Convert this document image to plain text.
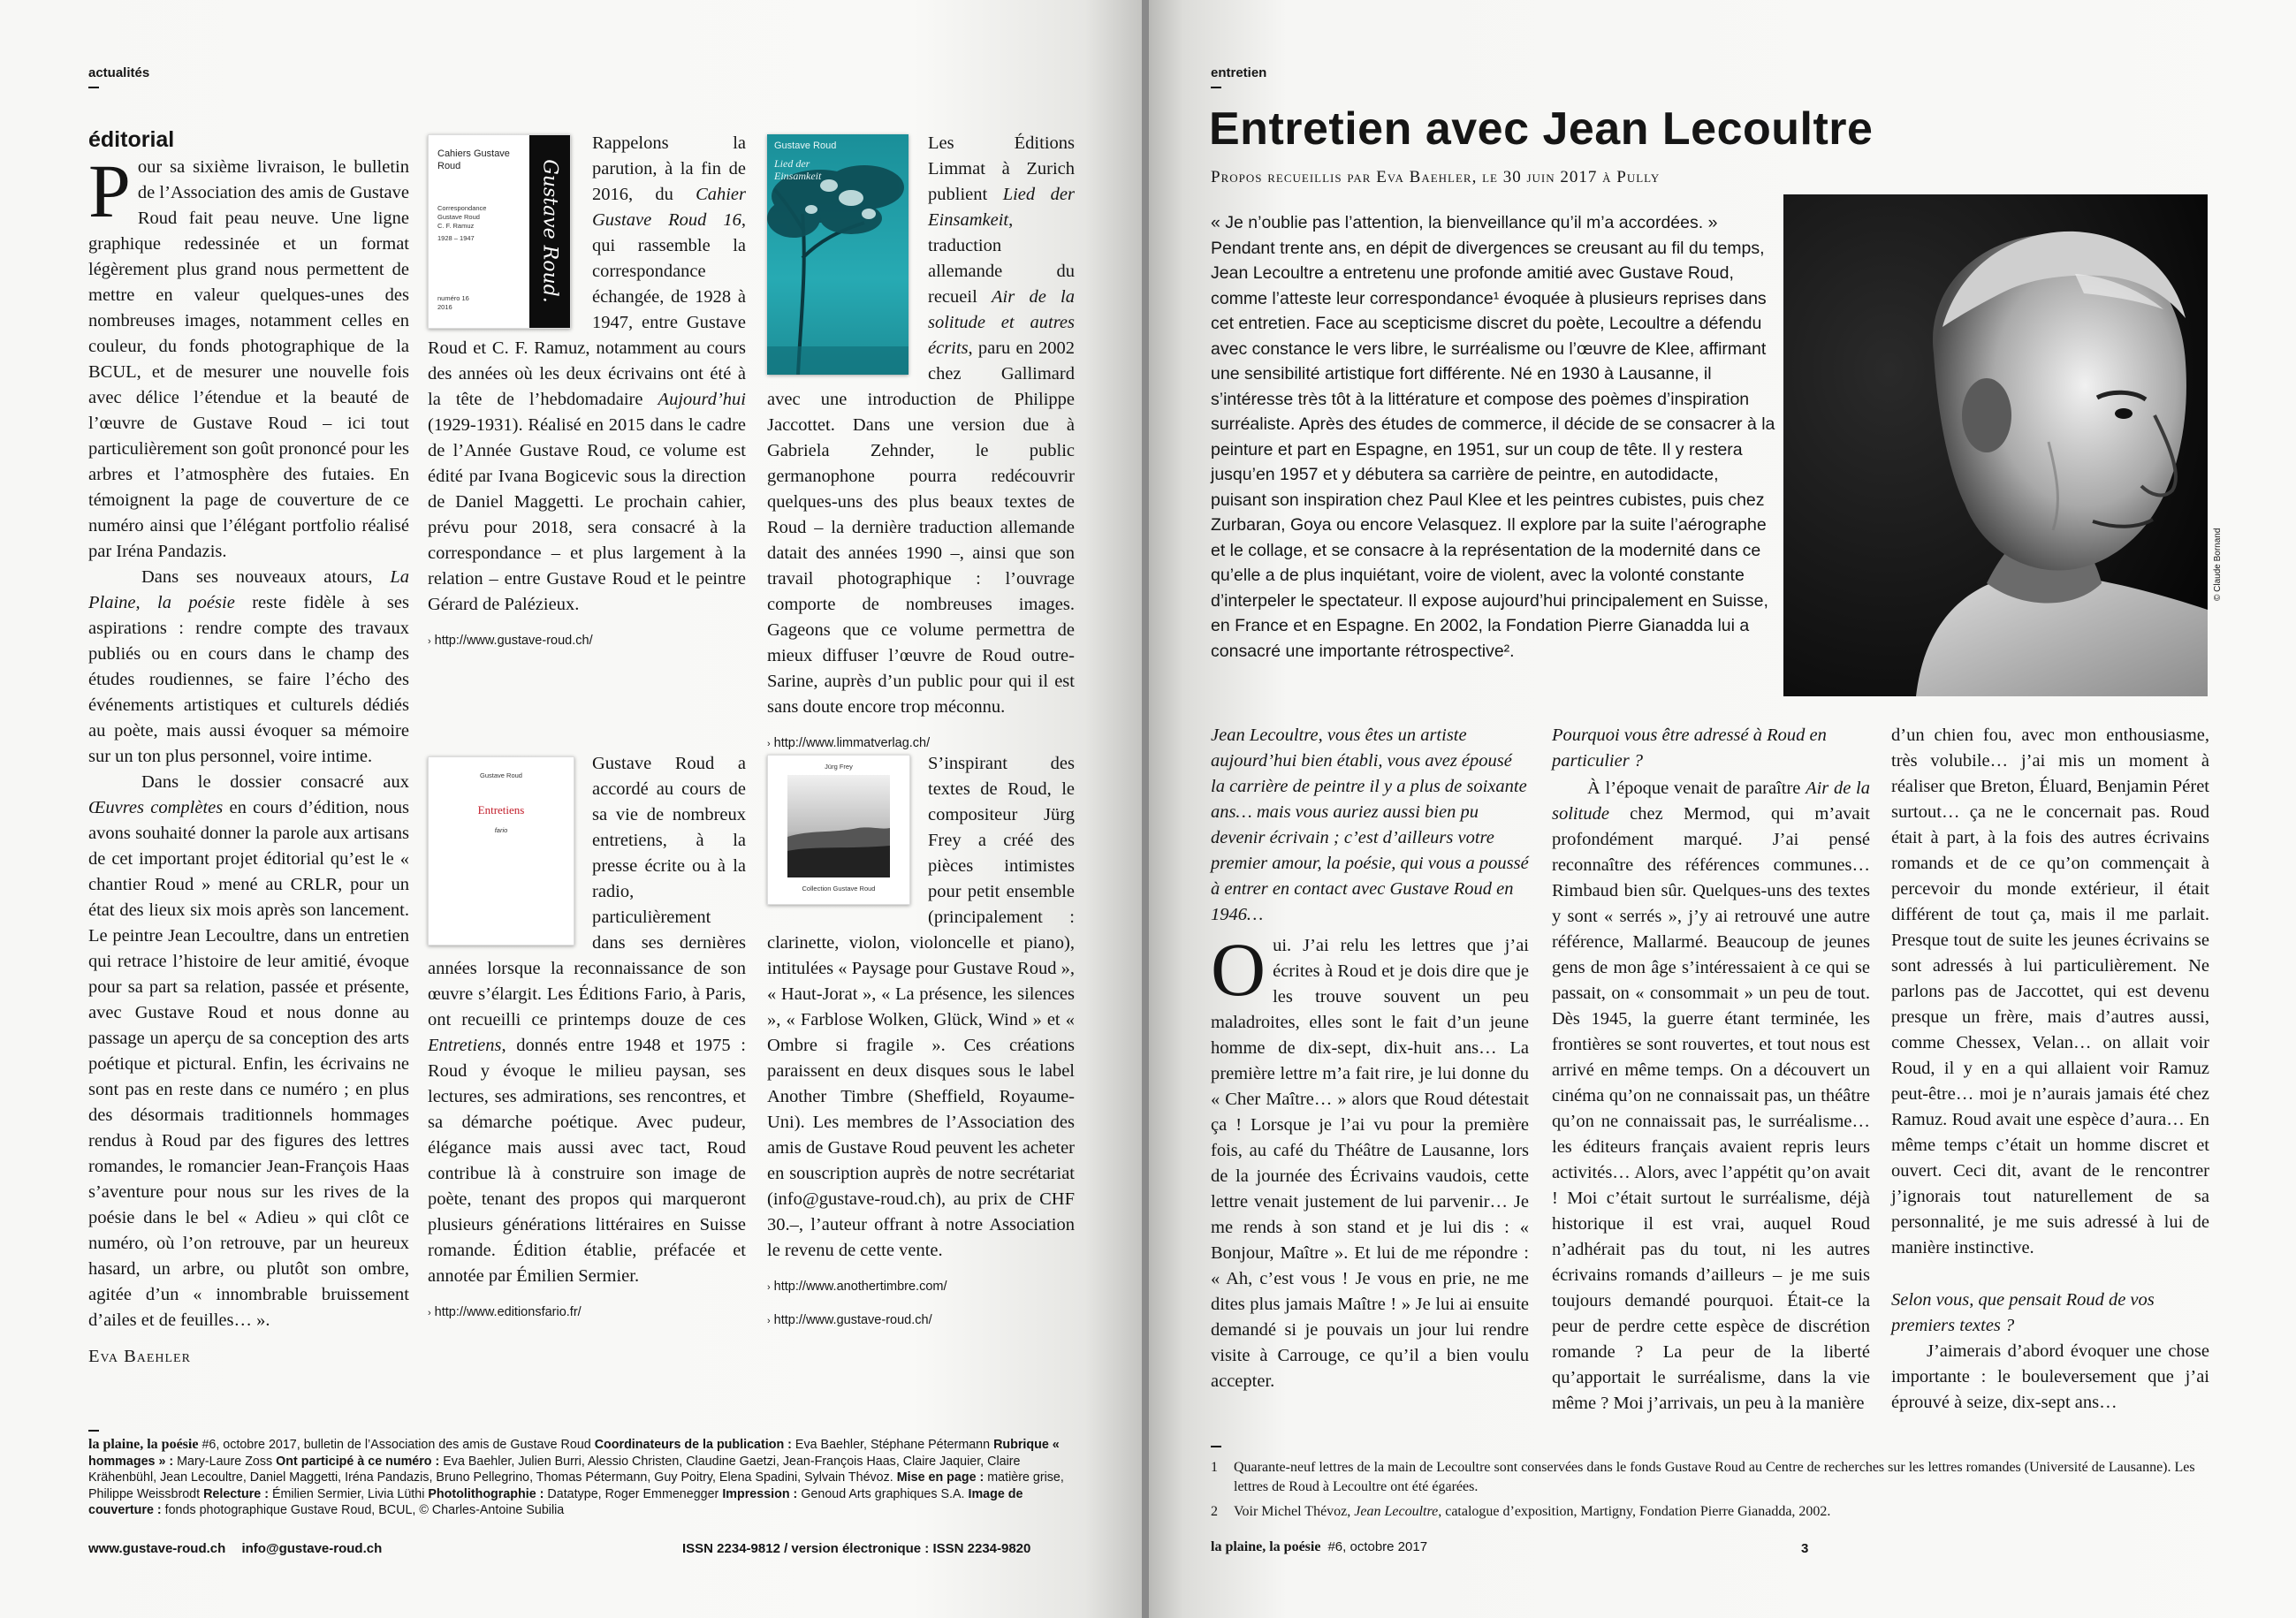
actualités
éditorial
Pour sa sixième livraison, le bulletin de l’Association des amis de Gustave Roud fait peau neuve. Une ligne graphique redessinée et un format légèrement plus grand nous permettent de mettre en valeur quelques-unes des nombreuses images, notamment celles en couleur, du fonds photographique de la BCUL, et de mesurer une nouvelle fois avec délice l’étendue et la beauté de l’œuvre de Gustave Roud – ici tout particulièrement son goût prononcé pour les arbres et l’atmosphère des futaies. En témoignent la page de couverture de ce numéro ainsi que l’élégant portfolio réalisé par Iréna Pandazis.
Dans ses nouveaux atours, La Plaine, la poésie reste fidèle à ses aspirations : rendre compte des travaux publiés ou en cours dans le champ des études roudiennes, se faire l’écho des événements artistiques et culturels dédiés au poète, mais aussi évoquer sa mémoire sur un ton plus personnel, voire intime.
Dans le dossier consacré aux Œuvres complètes en cours d’édition, nous avons souhaité donner la parole aux artisans de cet important projet éditorial qu’est le « chantier Roud » mené au CRLR, pour un état des lieux six mois après son lancement. Le peintre Jean Lecoultre, dans un entretien qui retrace l’histoire de leur amitié, évoque pour sa part sa relation, passée et présente, avec Gustave Roud et nous donne au passage un aperçu de sa conception des arts poétique et pictural. Enfin, les écrivains ne sont pas en reste dans ce numéro ; en plus des désormais traditionnels hommages rendus à Roud par des figures des lettres romandes, le romancier Jean-François Haas s’aventure pour nous sur les rives de la poésie dans le bel « Adieu » qui clôt ce numéro, où l’on retrouve, par un heureux hasard, un arbre, ou plutôt son ombre, agitée d’un « innombrable bruissement d’ailes et de feuilles… ».
Eva Baehler
Cahiers Gustave Roud
Correspondance
Gustave Roud
C. F. Ramuz
1928 – 1947
numéro 16
2016
Gustave Roud.
Rappelons la parution, à la fin de 2016, du Cahier Gustave Roud 16, qui rassemble la correspondance échangée, de 1928 à 1947, entre Gustave Roud et C. F. Ramuz, notamment au cours des années où les deux écrivains ont été à la tête de l’hebdomadaire Aujourd’hui (1929-1931). Réalisé en 2015 dans le cadre de l’Année Gustave Roud, ce volume est édité par Ivana Bogicevic sous la direction de Daniel Maggetti. Le prochain cahier, prévu pour 2018, sera consacré à la correspondance – et plus largement à la relation – entre Gustave Roud et le peintre Gérard de Palézieux.
› http://www.gustave-roud.ch/
Gustave Roud
Entretiens
fario
Gustave Roud a accordé au cours de sa vie de nombreux entretiens, à la presse écrite ou à la radio, particulièrement dans ses dernières années lorsque la reconnaissance de son œuvre s’élargit. Les Éditions Fario, à Paris, ont recueilli ce printemps douze de ces Entretiens, donnés entre 1948 et 1975 : Roud y évoque le milieu paysan, ses lectures, ses admirations, ses rencontres, et sa démarche poétique. Avec pudeur, élégance mais aussi avec tact, Roud contribue là à construire son image de poète, tenant des propos qui marqueront plusieurs générations littéraires en Suisse romande. Édition établie, préfacée et annotée par Émilien Sermier.
› http://www.editionsfario.fr/
Gustave Roud
Lied der Einsamkeit
Les Éditions Limmat à Zurich publient Lied der Einsamkeit, traduction allemande du recueil Air de la solitude et autres écrits, paru en 2002 chez Gallimard avec une introduction de Philippe Jaccottet. Dans une version due à Gabriela Zehnder, le public germanophone pourra redécouvrir quelques-uns des plus beaux textes de Roud – la dernière traduction allemande datait des années 1990 –, ainsi que son travail photographique : l’ouvrage comporte de nombreuses images. Gageons que ce volume permettra de mieux diffuser l’œuvre de Roud outre-Sarine, auprès d’un public pour qui il est sans doute encore trop méconnu.
› http://www.limmatverlag.ch/
Jürg Frey
Collection Gustave Roud
S’inspirant des textes de Roud, le compositeur Jürg Frey a créé des pièces intimistes pour petit ensemble (principalement : clarinette, violon, violoncelle et piano), intitulées « Paysage pour Gustave Roud », « Haut-Jorat », « La présence, les silences », « Farblose Wolken, Glück, Wind » et « Ombre si fragile ». Ces créations paraissent en deux disques sous le label Another Timbre (Sheffield, Royaume-Uni). Les membres de l’Association des amis de Gustave Roud peuvent les acheter en souscription auprès de notre secrétariat (info@gustave-roud.ch), au prix de CHF 30.–, l’auteur offrant à notre Association le revenu de cette vente.
› http://www.anothertimbre.com/
› http://www.gustave-roud.ch/
la plaine, la poésie #6, octobre 2017, bulletin de l’Association des amis de Gustave Roud Coordinateurs de la publication : Eva Baehler, Stéphane Pétermann Rubrique « hommages » : Mary-Laure Zoss Ont participé à ce numéro : Eva Baehler, Julien Burri, Alessio Christen, Claudine Gaetzi, Jean-François Haas, Claire Jaquier, Claire Krähenbühl, Jean Lecoultre, Daniel Maggetti, Iréna Pandazis, Bruno Pellegrino, Thomas Pétermann, Guy Poitry, Elena Spadini, Sylvain Thévoz. Mise en page : matière grise, Philippe Weissbrodt Relecture : Émilien Sermier, Livia Lüthi Photolithographie : Datatype, Roger Emmenegger Impression : Genoud Arts graphiques S.A. Image de couverture : fonds photographique Gustave Roud, BCUL, © Charles-Antoine Subilia
www.gustave-roud.ch info@gustave-roud.ch	ISSN 2234-9812 / version électronique : ISSN 2234-9820
entretien
Entretien avec Jean Lecoultre
Propos recueillis par Eva Baehler, le 30 juin 2017 à Pully
« Je n’oublie pas l’attention, la bienveillance qu’il m’a accordées. » Pendant trente ans, en dépit de divergences se creusant au fil du temps, Jean Lecoultre a entretenu une profonde amitié avec Gustave Roud, comme l’atteste leur correspondance¹ évoquée à plusieurs reprises dans cet entretien. Face au scepticisme discret du poète, Lecoultre a défendu avec constance le vers libre, le surréalisme ou l’œuvre de Klee, affirmant une sensibilité artistique fort différente. Né en 1930 à Lausanne, il s’intéresse très tôt à la littérature et compose des poèmes d’inspiration surréaliste. Après des études de commerce, il décide de se consacrer à la peinture et part en Espagne, en 1951, sur un coup de tête. Il y restera jusqu’en 1957 et y débutera sa carrière de peintre, en autodidacte, puisant son inspiration chez Paul Klee et les peintres cubistes, puis chez Zurbaran, Goya ou encore Velasquez. Il explore par la suite l’aérographe et le collage, et se consacre à la représentation de la modernité dans ce qu’elle a de plus inquiétant, voire de violent, avec la volonté constante d’interpeler le spectateur. Il expose aujourd’hui principalement en Suisse, en France et en Espagne. En 2002, la Fondation Pierre Gianadda lui a consacré une importante rétrospective².
© Claude Bornand
Jean Lecoultre, vous êtes un artiste aujourd’hui bien établi, vous avez épousé la carrière de peintre il y a plus de soixante ans… mais vous auriez aussi bien pu devenir écrivain ; c’est d’ailleurs votre premier amour, la poésie, qui vous a poussé à entrer en contact avec Gustave Roud en 1946…
Oui. J’ai relu les lettres que j’ai écrites à Roud et je dois dire que je les trouve souvent un peu maladroites, elles sont le fait d’un jeune homme de dix-sept, dix-huit ans… La première lettre m’a fait rire, je lui donne du « Cher Maître… » alors que Roud détestait ça ! Lorsque je l’ai vu pour la première fois, au café du Théâtre de Lausanne, lors de la journée des Écrivains vaudois, cette lettre venait justement de lui parvenir… Je me rends à son stand et je lui dis : « Bonjour, Maître ». Et lui de me répondre : « Ah, c’est vous ! Je vous en prie, ne me dites plus jamais Maître ! » Je lui ai ensuite demandé si je pouvais un jour lui rendre visite à Carrouge, ce qu’il a bien voulu accepter.
Pourquoi vous être adressé à Roud en particulier ?
À l’époque venait de paraître Air de la solitude chez Mermod, qui m’avait profondément marqué. J’ai pensé reconnaître des références communes… Rimbaud bien sûr. Quelques-uns des textes y sont « serrés », j’y ai retrouvé une autre référence, Mallarmé. Beaucoup de jeunes gens de mon âge s’intéressaient à ce qui se passait, on « consommait » un peu de tout. Dès 1945, la guerre étant terminée, les frontières se sont rouvertes, et tout nous est arrivé en même temps. On a découvert un cinéma qu’on ne connaissait pas, un théâtre qu’on ne connaissait pas, le surréalisme… les éditeurs français avaient repris leurs activités… Alors, avec l’appétit qu’on avait ! Moi c’était surtout le surréalisme, déjà historique il est vrai, auquel Roud n’adhérait pas du tout, ni les autres écrivains romands d’ailleurs – je me suis toujours demandé pourquoi. Était-ce la peur de perdre cette espèce de discrétion romande ? La peur de la liberté qu’apportait le surréalisme, dans la vie même ? Moi j’arrivais, un peu à la manière
d’un chien fou, avec mon enthousiasme, très volubile… j’ai mis un moment à réaliser que Breton, Éluard, Benjamin Péret surtout… ça ne le concernait pas. Roud était à part, à la fois des autres écrivains romands et de ce qu’on commençait à percevoir du monde extérieur, il était différent de tout ça, mais il me parlait. Presque tout de suite les jeunes écrivains se sont adressés à lui particulièrement. Ne parlons pas de Jaccottet, qui est devenu presque un frère, mais d’autres aussi, comme Chessex, Velan… on allait voir Roud, il y en a qui allaient voir Ramuz peut-être… moi je n’aurais jamais été chez Ramuz. Roud avait une espèce d’aura… En même temps c’était un homme discret et ouvert. Ceci dit, avant de le rencontrer j’ignorais tout naturellement de sa personnalité, je me suis adressé à lui de manière instinctive.
Selon vous, que pensait Roud de vos premiers textes ?
J’aimerais d’abord évoquer une chose importante : le bouleversement que j’ai éprouvé à seize, dix-sept ans…
1	Quarante-neuf lettres de la main de Lecoultre sont conservées dans le fonds Gustave Roud au Centre de recherches sur les lettres romandes (Université de Lausanne). Les lettres de Roud à Lecoultre ont été égarées.
2	Voir Michel Thévoz, Jean Lecoultre, catalogue d’exposition, Martigny, Fondation Pierre Gianadda, 2002.
la plaine, la poésie #6, octobre 2017	3
